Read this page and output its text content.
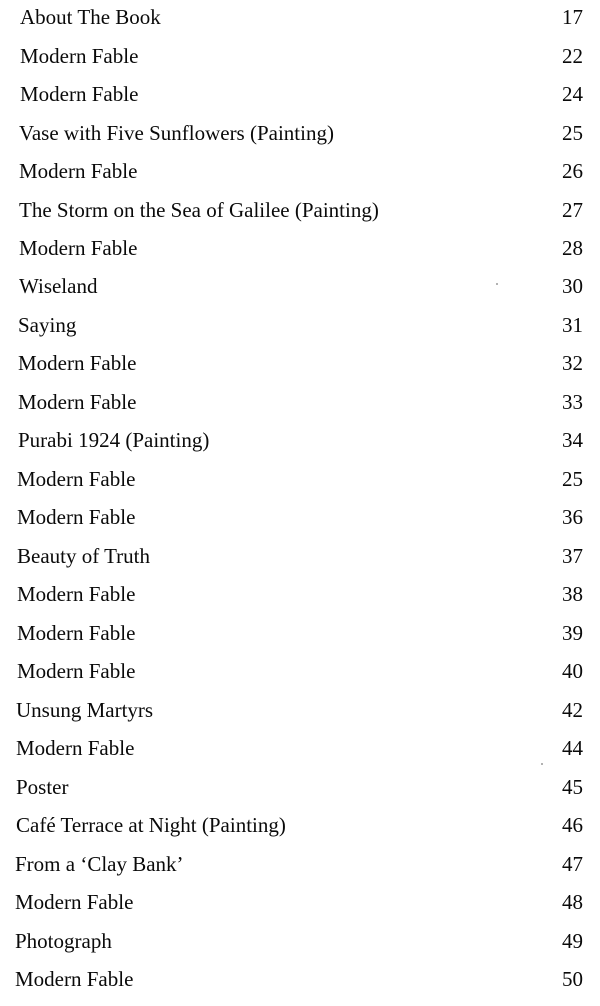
About The Book	17
Modern Fable	22
Modern Fable	24
Vase with Five Sunflowers (Painting)	25
Modern Fable	26
The Storm on the Sea of Galilee (Painting)	27
Modern Fable	28
Wiseland	30
Saying	31
Modern Fable	32
Modern Fable	33
Purabi 1924 (Painting)	34
Modern Fable	25
Modern Fable	36
Beauty of Truth	37
Modern Fable	38
Modern Fable	39
Modern Fable	40
Unsung Martyrs	42
Modern Fable	44
Poster	45
Café Terrace at Night (Painting)	46
From a ‘Clay Bank’	47
Modern Fable	48
Photograph	49
Modern Fable	50
